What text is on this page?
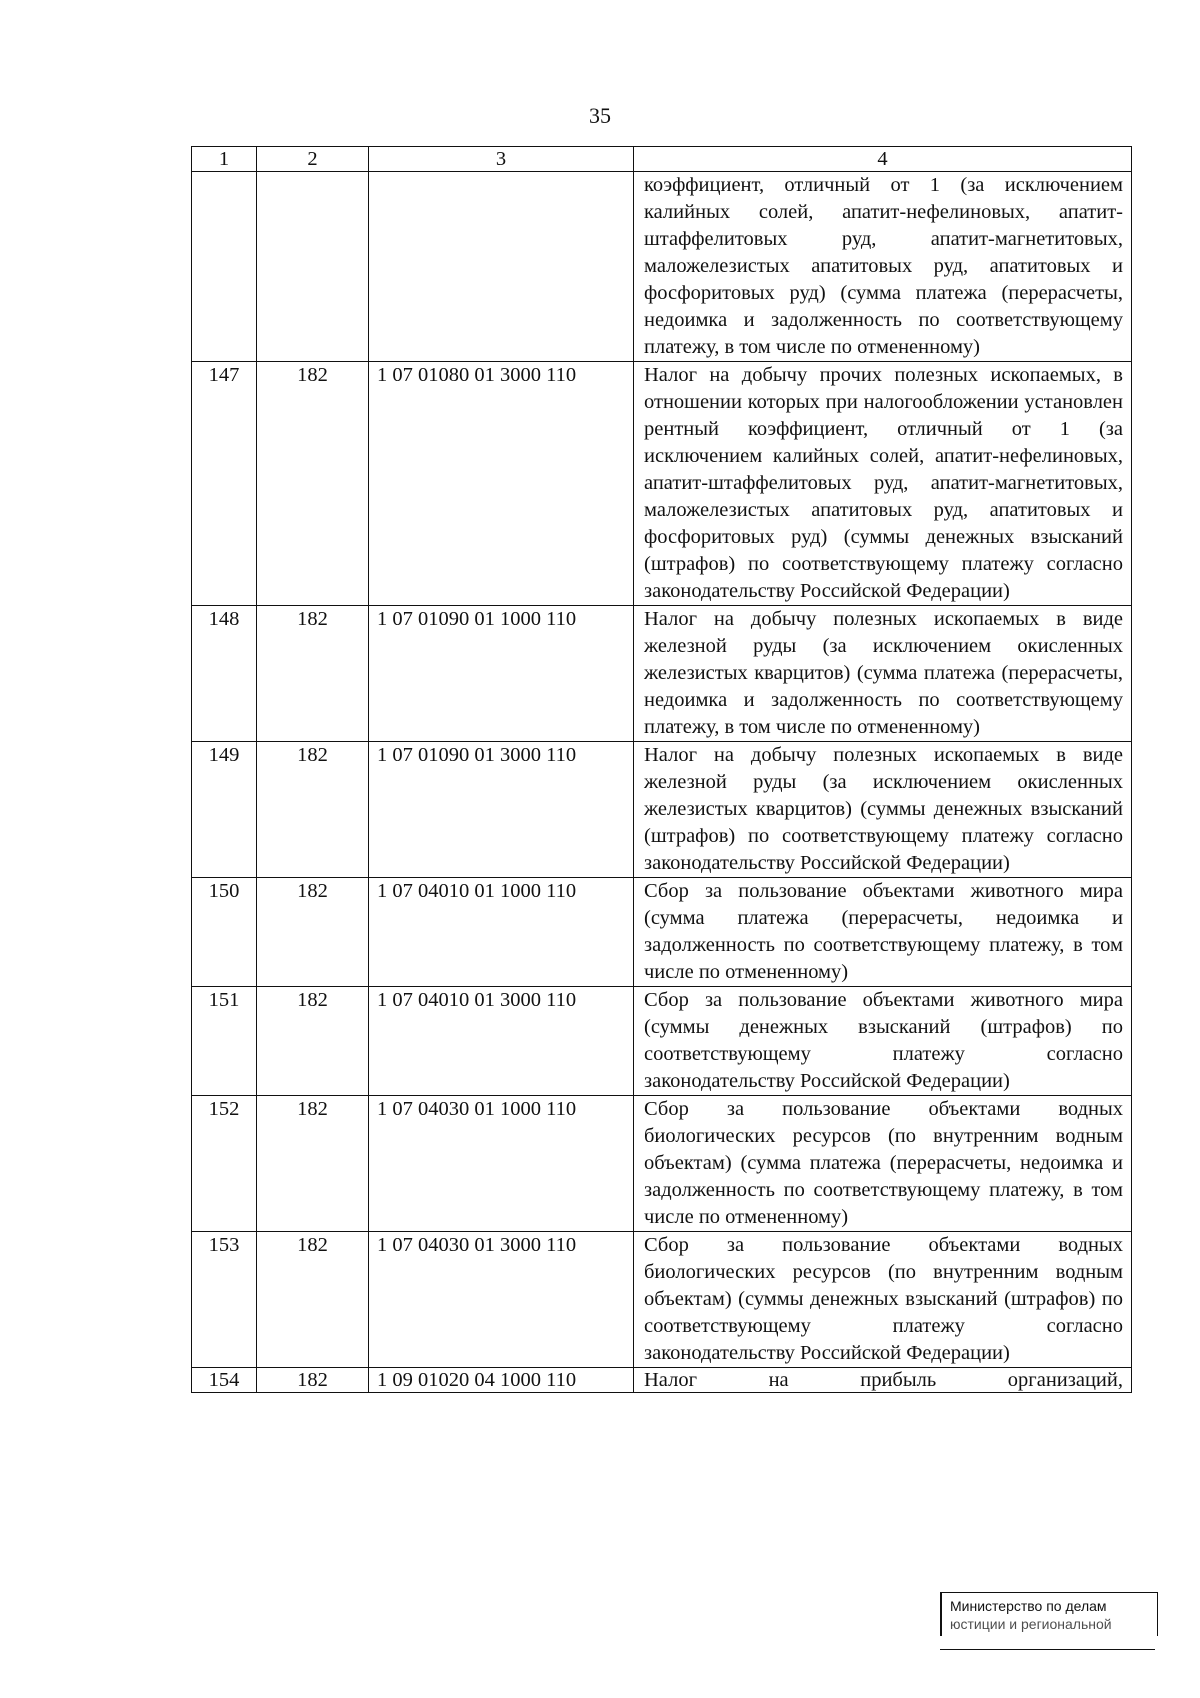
35
1	2	3	4
			коэффициент, отличный от 1 (за исключением калийных солей, апатит-нефелиновых, апатит-штаффелитовых руд, апатит-магнетитовых, маложелезистых апатитовых руд, апатитовых и фосфоритовых руд) (сумма платежа (перерасчеты, недоимка и задолженность по соответствующему платежу, в том числе по отмененному)
147	182	1 07 01080 01 3000 110	Налог на добычу прочих полезных ископаемых, в отношении которых при налогообложении установлен рентный коэффициент, отличный от 1 (за исключением калийных солей, апатит-нефелиновых, апатит-штаффелитовых руд, апатит-магнетитовых, маложелезистых апатитовых руд, апатитовых и фосфоритовых руд) (суммы денежных взысканий (штрафов) по соответствующему платежу согласно законодательству Российской Федерации)
148	182	1 07 01090 01 1000 110	Налог на добычу полезных ископаемых в виде железной руды (за исключением окисленных железистых кварцитов) (сумма платежа (перерасчеты, недоимка и задолженность по соответствующему платежу, в том числе по отмененному)
149	182	1 07 01090 01 3000 110	Налог на добычу полезных ископаемых в виде железной руды (за исключением окисленных железистых кварцитов) (суммы денежных взысканий (штрафов) по соответствующему платежу согласно законодательству Российской Федерации)
150	182	1 07 04010 01 1000 110	Сбор за пользование объектами животного мира (сумма платежа (перерасчеты, недоимка и задолженность по соответствующему платежу, в том числе по отмененному)
151	182	1 07 04010 01 3000 110	Сбор за пользование объектами животного мира (суммы денежных взысканий (штрафов) по соответствующему платежу согласно законодательству Российской Федерации)
152	182	1 07 04030 01 1000 110	Сбор за пользование объектами водных биологических ресурсов (по внутренним водным объектам) (сумма платежа (перерасчеты, недоимка и задолженность по соответствующему платежу, в том числе по отмененному)
153	182	1 07 04030 01 3000 110	Сбор за пользование объектами водных биологических ресурсов (по внутренним водным объектам) (суммы денежных взысканий (штрафов) по соответствующему платежу согласно законодательству Российской Федерации)
154	182	1 09 01020 04 1000 110	Налог на прибыль организаций,
Министерство по делам
юстиции и региональной
